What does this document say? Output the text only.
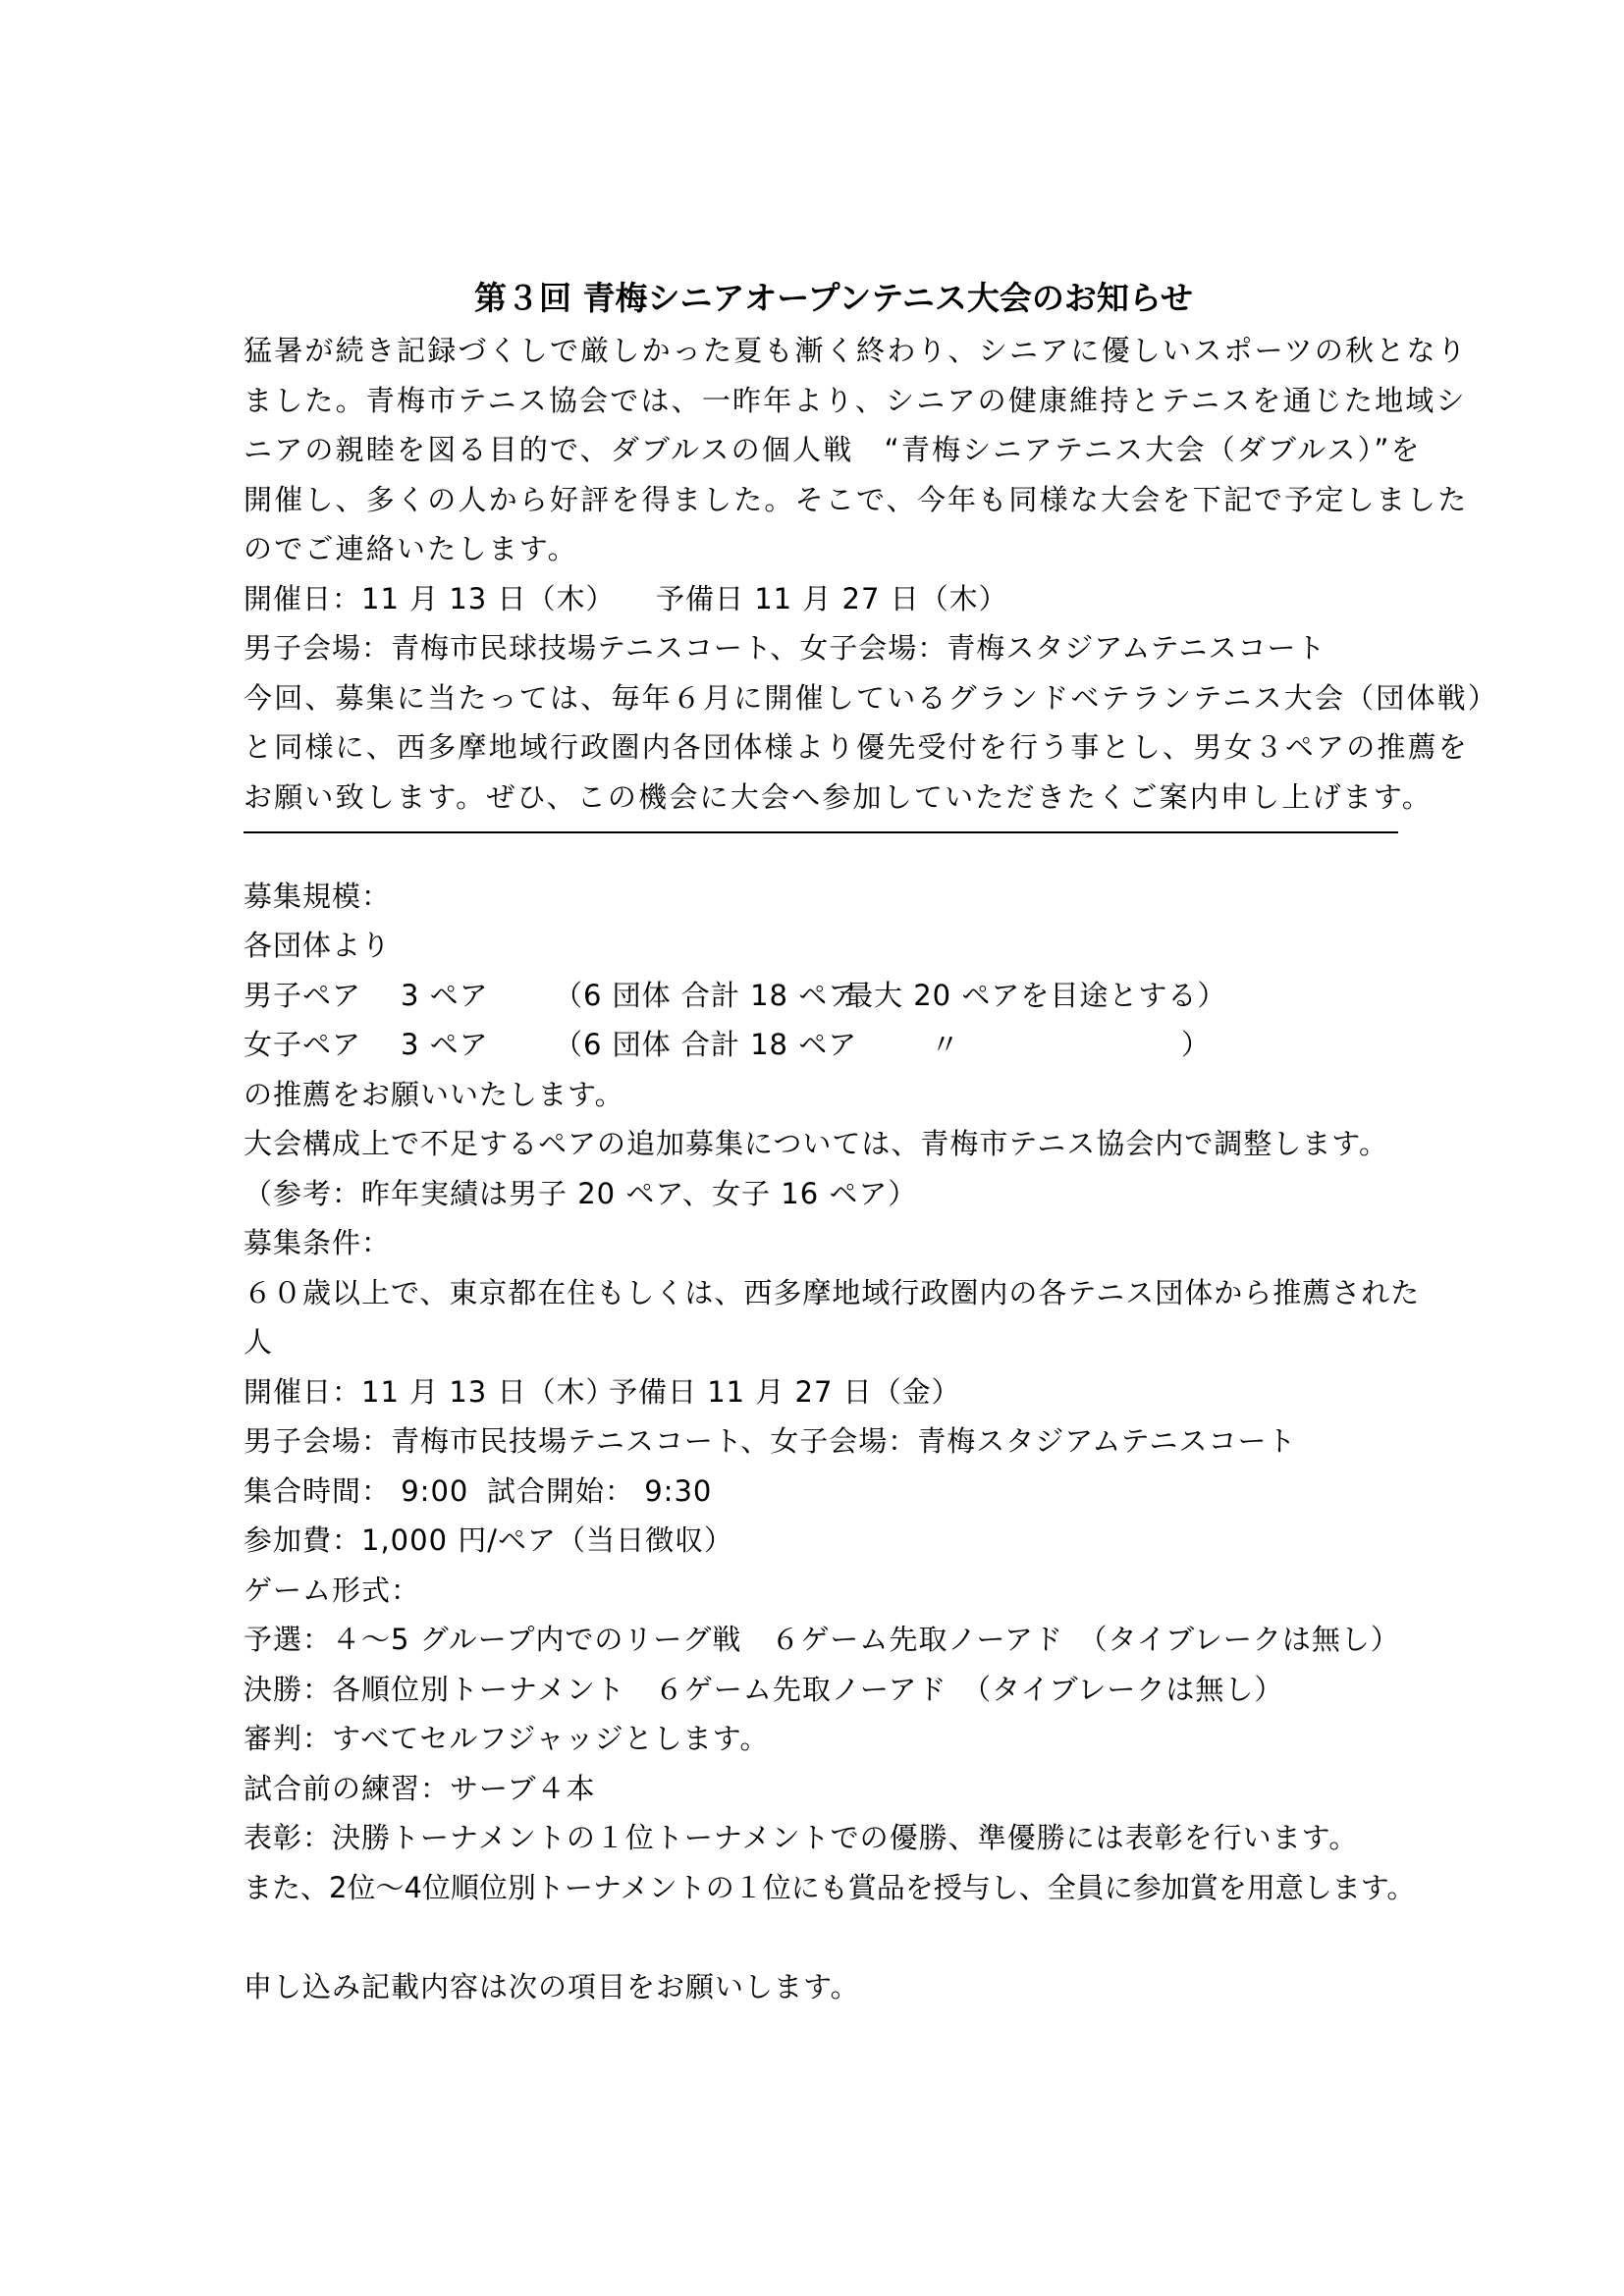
第３回 青梅シニアオープンテニス大会のお知らせ
猛暑が続き記録づくしで厳しかった夏も漸く終わり、シニアに優しいスポーツの秋となり
ました。青梅市テニス協会では、一昨年より、シニアの健康維持とテニスを通じた地域シ
ニアの親睦を図る目的で、ダブルスの個人戦　“青梅シニアテニス大会（ダブルス）”を
開催し、多くの人から好評を得ました。そこで、今年も同様な大会を下記で予定しました
のでご連絡いたします。
開催日：11 月 13 日（木） 予備日 11 月 27 日（木）
男子会場：青梅市民球技場テニスコート、女子会場：青梅スタジアムテニスコート
今回、募集に当たっては、毎年６月に開催しているグランドベテランテニス大会（団体戦）
と同様に、西多摩地域行政圏内各団体様より優先受付を行う事とし、男女３ペアの推薦を
お願い致します。ぜひ、この機会に大会へ参加していただきたくご案内申し上げます。
募集規模：
各団体より
男子ペア 3 ペア （6 団体 合計 18 ペア
最大 20 ペアを目途とする）
女子ペア 3 ペア （6 団体 合計 18 ペア	〃	）
の推薦をお願いいたします。
大会構成上で不足するペアの追加募集については、青梅市テニス協会内で調整します。
（参考：昨年実績は男子 20 ペア、女子 16 ペア）
募集条件：
６０歳以上で、東京都在住もしくは、西多摩地域行政圏内の各テニス団体から推薦された
人
開催日：11 月 13 日（木）
予備日 11 月 27 日（金）
男子会場：青梅市民技場テニスコート、女子会場：青梅スタジアムテニスコート
集合時間： 9:00 試合開始： 9:30
参加費：1,000 円/ペア（当日徴収）
ゲーム形式：
予選：４～5 グループ内でのリーグ戦　６ゲーム先取ノーアド　（タイブレークは無し）
決勝：各順位別トーナメント　６ゲーム先取ノーアド　（タイブレークは無し）
審判：すべてセルフジャッジとします。
試合前の練習：サーブ４本
表彰：決勝トーナメントの１位トーナメントでの優勝、準優勝には表彰を行います。
また、2位～4位順位別トーナメントの１位にも賞品を授与し、全員に参加賞を用意します。
申し込み記載内容は次の項目をお願いします。
